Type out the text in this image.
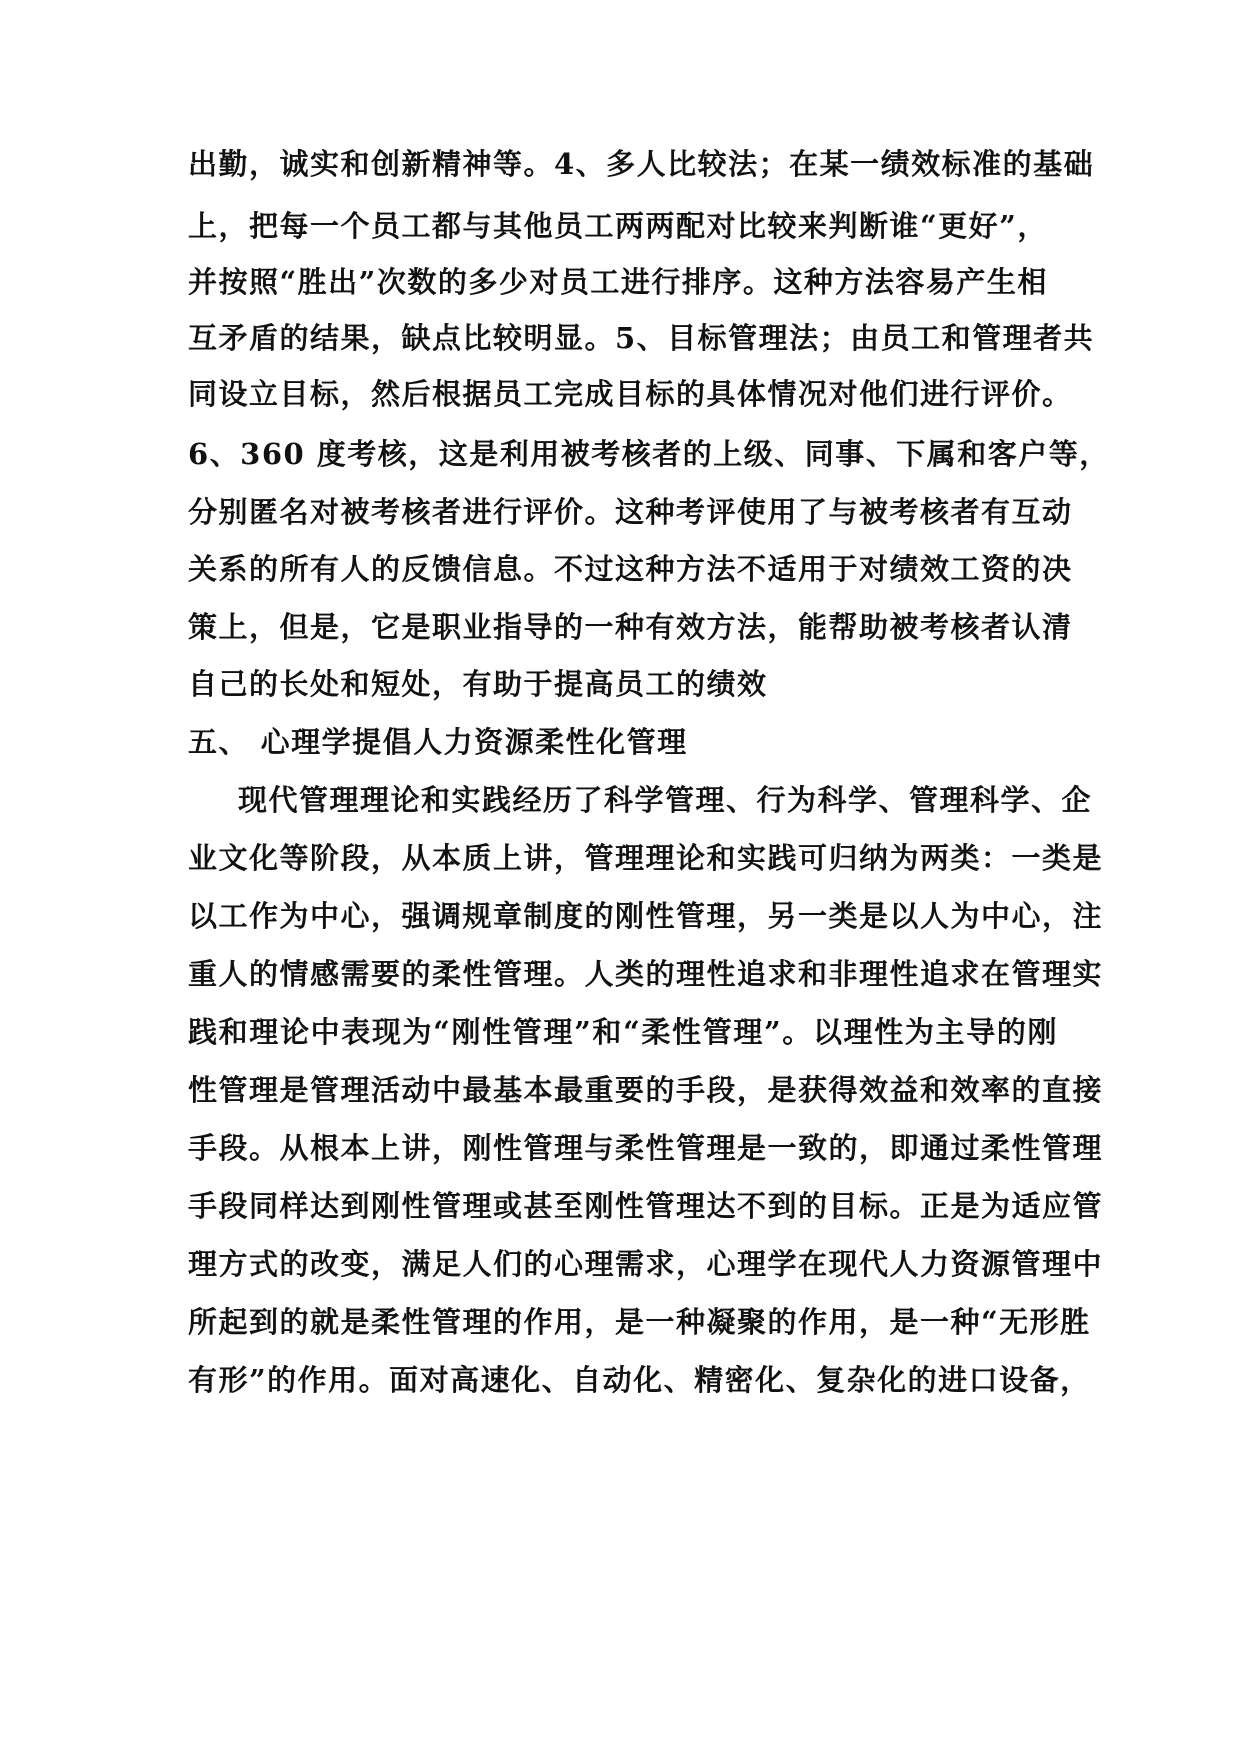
出勤，诚实和创新精神等。4、多人比较法；在某一绩效标准的基础
上，把每一个员工都与其他员工两两配对比较来判断谁“更好”，
并按照“胜出”次数的多少对员工进行排序。这种方法容易产生相
互矛盾的结果，缺点比较明显。5、目标管理法；由员工和管理者共
同设立目标，然后根据员工完成目标的具体情况对他们进行评价。
6、360 度考核，这是利用被考核者的上级、同事、下属和客户等，
分别匿名对被考核者进行评价。这种考评使用了与被考核者有互动
关系的所有人的反馈信息。不过这种方法不适用于对绩效工资的决
策上，但是，它是职业指导的一种有效方法，能帮助被考核者认清
自己的长处和短处，有助于提高员工的绩效
五、 心理学提倡人力资源柔性化管理
现代管理理论和实践经历了科学管理、行为科学、管理科学、企
业文化等阶段，从本质上讲，管理理论和实践可归纳为两类：一类是
以工作为中心，强调规章制度的刚性管理，另一类是以人为中心，注
重人的情感需要的柔性管理。人类的理性追求和非理性追求在管理实
践和理论中表现为“刚性管理”和“柔性管理”。以理性为主导的刚
性管理是管理活动中最基本最重要的手段，是获得效益和效率的直接
手段。从根本上讲，刚性管理与柔性管理是一致的，即通过柔性管理
手段同样达到刚性管理或甚至刚性管理达不到的目标。正是为适应管
理方式的改变，满足人们的心理需求，心理学在现代人力资源管理中
所起到的就是柔性管理的作用，是一种凝聚的作用，是一种“无形胜
有形”的作用。面对高速化、自动化、精密化、复杂化的进口设备，
